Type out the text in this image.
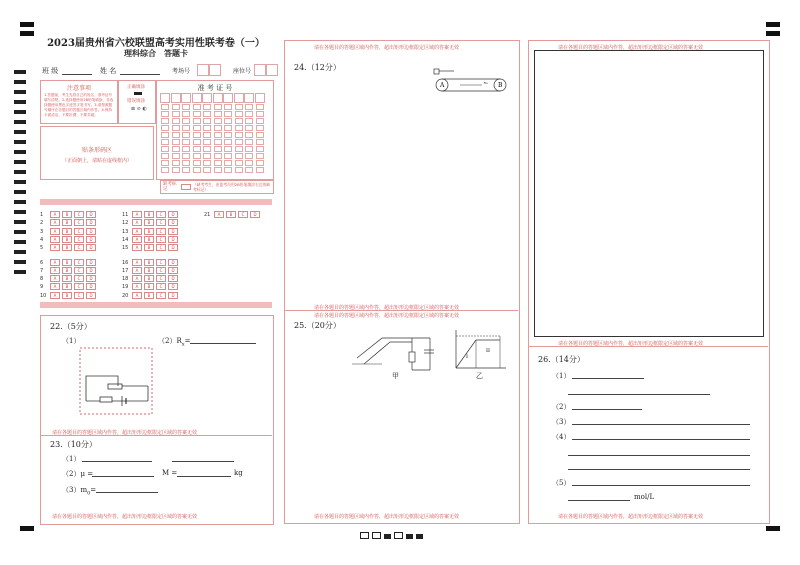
2023届贵州省六校联盟高考实用性联考卷（一）
理科综合　答题卡
班 级	姓 名	考场号	座位号
注意事项
1.答题前，考生先将自己的姓名、准考证号填写清楚。2.选择题使用2B铅笔填涂，非选择题使用黑色字迹签字笔书写。3.请按照题号顺序在各题目的答题区域内作答。4.保持卡面清洁，不要折叠、不要弄破。
正确填涂
错误填涂
⊠ ⊘ ◐
贴条形码区
（正面朝上，请贴在虚线框内）
准 考 证 号
缺考标记
（缺考考生，由监考员用2B铅笔填涂右边的缺考标记）
1	A B C D
2	A B C D
3	A B C D
4	A B C D
5	A B C D
6	A B C D
7	A B C D
8	A B C D
9	A B C D
10 A B C D
11 A B C D
12 A B C D
13 A B C D
14 A B C D
15 A B C D
16 A B C D
17 A B C D
18 A B C D
19 A B C D
20 A B C D
21 A B C D
22.（5分）
（1）	$(2)R_x=$
请在各题目的答题区域内作答，超出矩形边框限定区域的答案无效
23.（10分）
（1）
（2）μ =	M =	kg
$(3)m_0=$
请在各题目的答题区域内作答，超出矩形边框限定区域的答案无效
请在各题目的答题区域内作答，超出矩形边框限定区域的答案无效
24.（12分）
A	B
v₀
请在各题目的答题区域内作答，超出矩形边框限定区域的答案无效
请在各题目的答题区域内作答，超出矩形边框限定区域的答案无效
25.（20分）
甲
I
II
乙
请在各题目的答题区域内作答，超出矩形边框限定区域的答案无效
请在各题目的答题区域内作答，超出矩形边框限定区域的答案无效
请在各题目的答题区域内作答，超出矩形边框限定区域的答案无效
26.（14分）
（1）
（2）
（3）
（4）
（5）
mol/L
请在各题目的答题区域内作答，超出矩形边框限定区域的答案无效
